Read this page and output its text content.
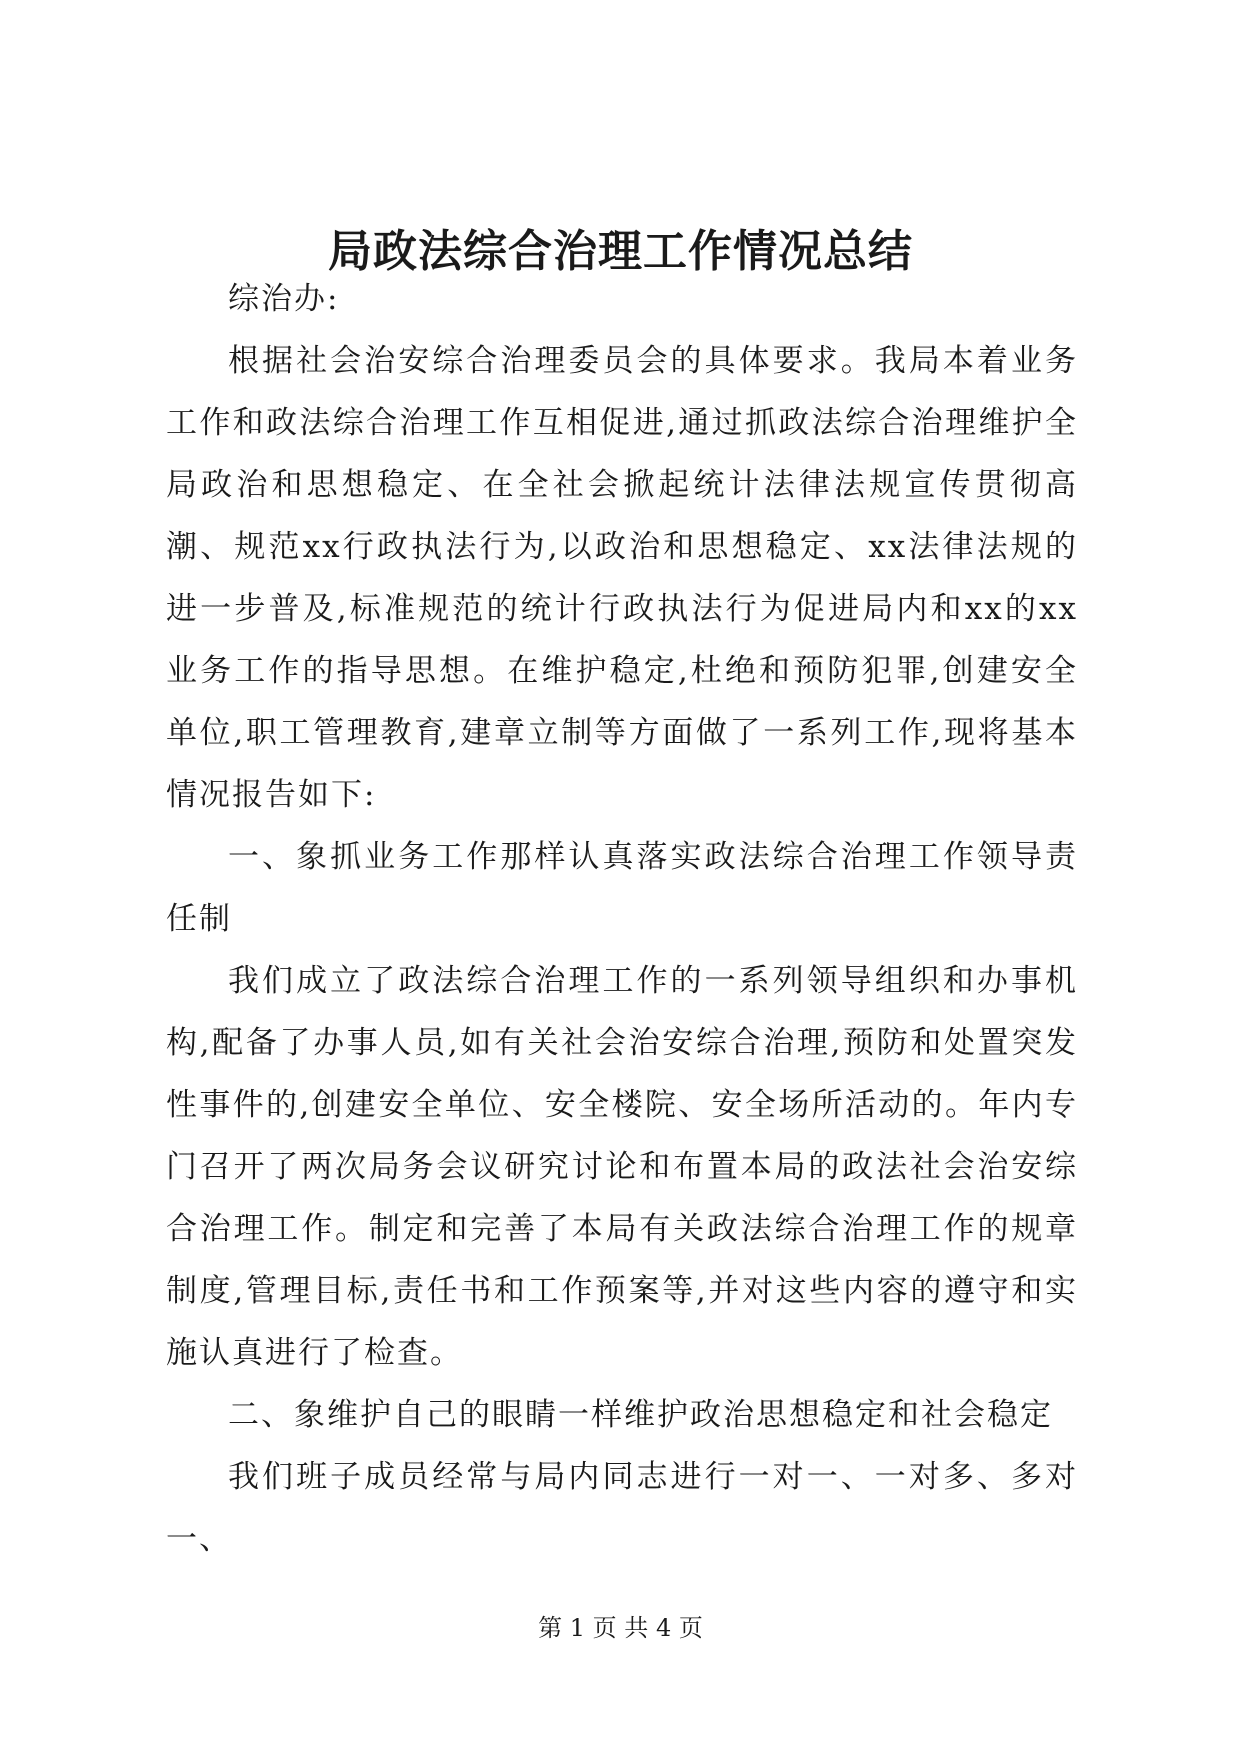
局政法综合治理工作情况总结

综治办:

根据社会治安综合治理委员会的具体要求。我局本着业务工作和政法综合治理工作互相促进,通过抓政法综合治理维护全局政治和思想稳定、在全社会掀起统计法律法规宣传贯彻高潮、规范xx行政执法行为,以政治和思想稳定、xx法律法规的进一步普及,标准规范的统计行政执法行为促进局内和xx的xx业务工作的指导思想。在维护稳定,杜绝和预防犯罪,创建安全单位,职工管理教育,建章立制等方面做了一系列工作,现将基本情况报告如下:

一、象抓业务工作那样认真落实政法综合治理工作领导责任制

我们成立了政法综合治理工作的一系列领导组织和办事机构,配备了办事人员,如有关社会治安综合治理,预防和处置突发性事件的,创建安全单位、安全楼院、安全场所活动的。年内专门召开了两次局务会议研究讨论和布置本局的政法社会治安综合治理工作。制定和完善了本局有关政法综合治理工作的规章制度,管理目标,责任书和工作预案等,并对这些内容的遵守和实施认真进行了检查。

二、象维护自己的眼睛一样维护政治思想稳定和社会稳定

我们班子成员经常与局内同志进行一对一、一对多、多对一、

第 1 页 共 4 页
